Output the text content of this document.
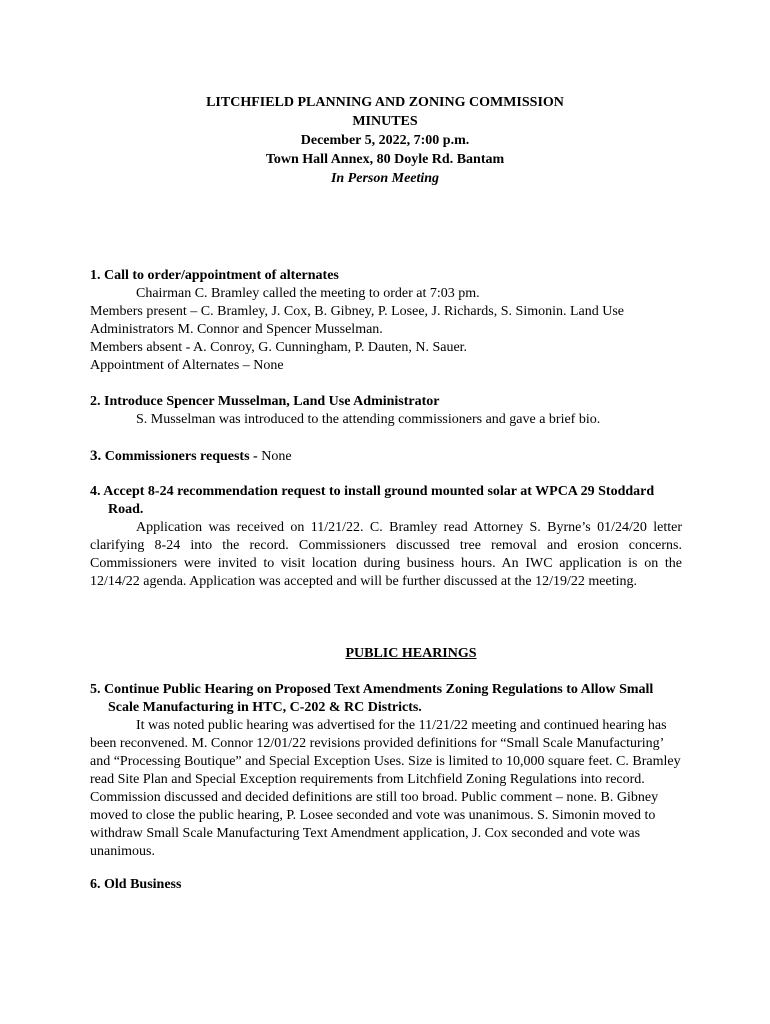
LITCHFIELD PLANNING AND ZONING COMMISSION
MINUTES
December 5, 2022, 7:00 p.m.
Town Hall Annex, 80 Doyle Rd. Bantam
In Person Meeting
1. Call to order/appointment of alternates
Chairman C. Bramley called the meeting to order at 7:03 pm.
Members present – C. Bramley, J. Cox, B. Gibney, P. Losee, J. Richards, S. Simonin. Land Use Administrators M. Connor and Spencer Musselman.
Members absent - A. Conroy, G. Cunningham, P. Dauten, N. Sauer.
Appointment of Alternates – None
2. Introduce Spencer Musselman, Land Use Administrator
S. Musselman was introduced to the attending commissioners and gave a brief bio.
3. Commissioners requests - None
4. Accept 8-24 recommendation request to install ground mounted solar at WPCA 29 Stoddard Road.
Application was received on 11/21/22. C. Bramley read Attorney S. Byrne’s 01/24/20 letter clarifying 8-24 into the record. Commissioners discussed tree removal and erosion concerns. Commissioners were invited to visit location during business hours. An IWC application is on the 12/14/22 agenda. Application was accepted and will be further discussed at the 12/19/22 meeting.
PUBLIC HEARINGS
5. Continue Public Hearing on Proposed Text Amendments Zoning Regulations to Allow Small Scale Manufacturing in HTC, C-202 & RC Districts.
It was noted public hearing was advertised for the 11/21/22 meeting and continued hearing has been reconvened. M. Connor 12/01/22 revisions provided definitions for “Small Scale Manufacturing’ and “Processing Boutique” and Special Exception Uses. Size is limited to 10,000 square feet. C. Bramley read Site Plan and Special Exception requirements from Litchfield Zoning Regulations into record. Commission discussed and decided definitions are still too broad. Public comment – none. B. Gibney moved to close the public hearing, P. Losee seconded and vote was unanimous. S. Simonin moved to withdraw Small Scale Manufacturing Text Amendment application, J. Cox seconded and vote was unanimous.
6. Old Business
